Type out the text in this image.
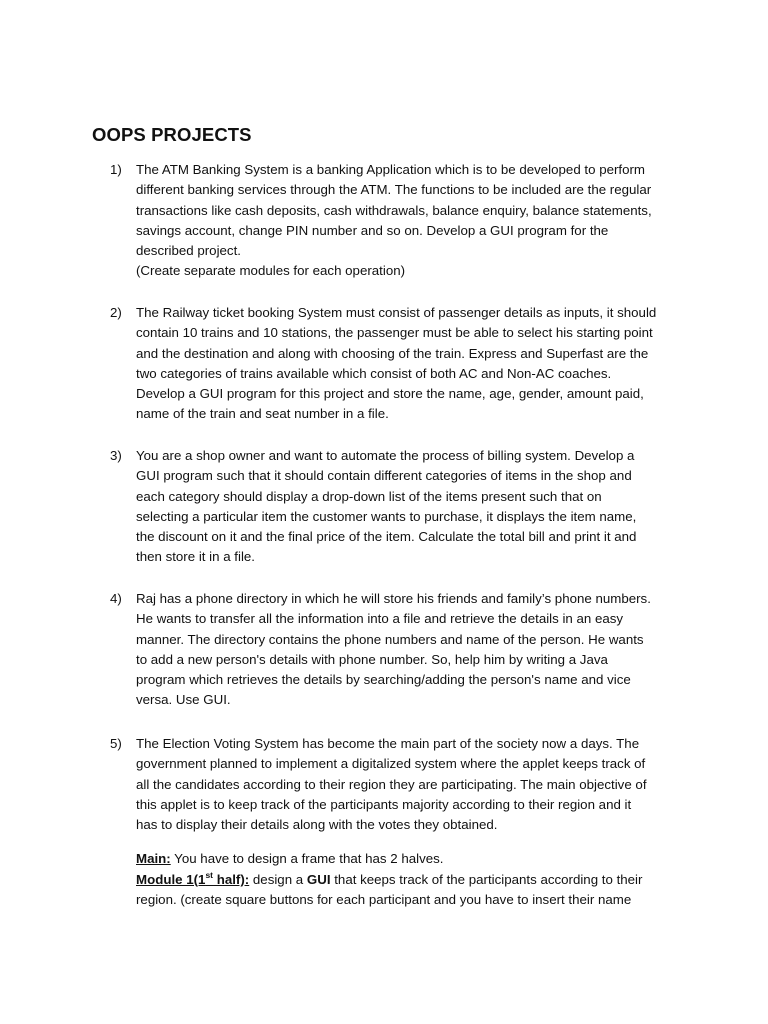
OOPS PROJECTS
1)	The ATM Banking System is a banking Application which is to be developed to perform
different banking services through the ATM. The functions to be included are the regular
transactions like cash deposits, cash withdrawals, balance enquiry, balance statements,
savings account, change PIN number and so on. Develop a GUI program for the
described project.
(Create separate modules for each operation)
2)	The Railway ticket booking System must consist of passenger details as inputs, it should
contain 10 trains and 10 stations, the passenger must be able to select his starting point
and the destination and along with choosing of the train. Express and Superfast are the
two categories of trains available which consist of both AC and Non-AC coaches.
Develop a GUI program for this project and store the name, age, gender, amount paid,
name of the train and seat number in a file.
3)	You are a shop owner and want to automate the process of billing system. Develop a
GUI program such that it should contain different categories of items in the shop and
each category should display a drop-down list of the items present such that on
selecting a particular item the customer wants to purchase, it displays the item name,
the discount on it and the final price of the item. Calculate the total bill and print it and
then store it in a file.
4)	Raj has a phone directory in which he will store his friends and family’s phone numbers.
He wants to transfer all the information into a file and retrieve the details in an easy
manner. The directory contains the phone numbers and name of the person. He wants
to add a new person's details with phone number. So, help him by writing a Java
program which retrieves the details by searching/adding the person's name and vice
versa. Use GUI.
5)	The Election Voting System has become the main part of the society now a days. The
government planned to implement a digitalized system where the applet keeps track of
all the candidates according to their region they are participating. The main objective of
this applet is to keep track of the participants majority according to their region and it
has to display their details along with the votes they obtained.
Main: You have to design a frame that has 2 halves.
Module 1(1st half): design a GUI that keeps track of the participants according to their
region. (create square buttons for each participant and you have to insert their name
